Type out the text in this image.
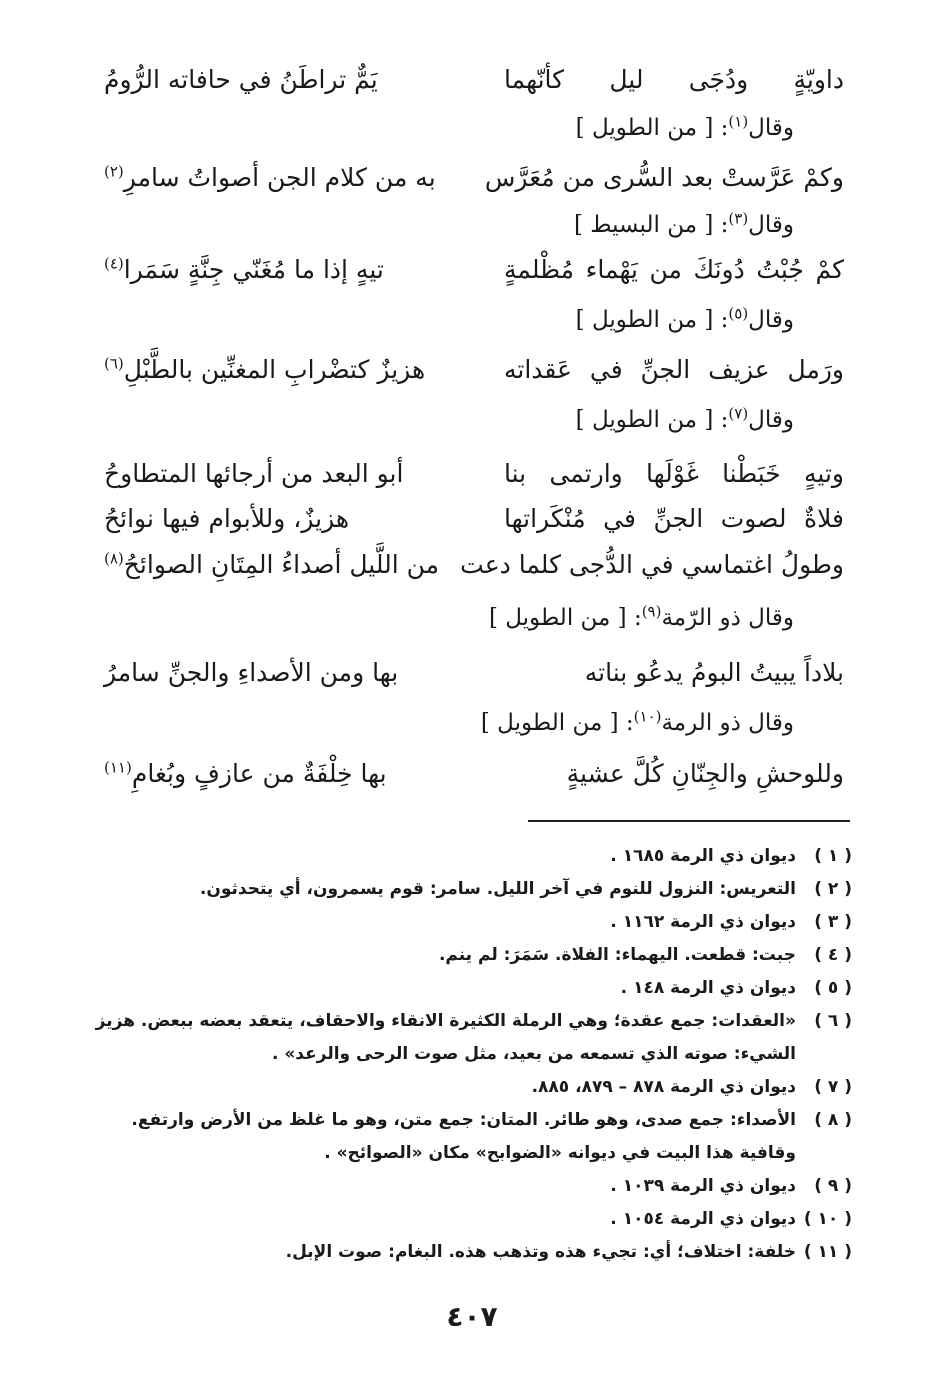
داويّةٍ ودُجَى ليل كأنّهما
يَمٌّ تراطَنُ في حافاته الرُّومُ
وقال$^{(١)}$: [ من الطويل ]
وكمْ عَرَّستْ بعد السُّرى من مُعَرَّس
به من كلام الجن أصواتُ سامرِ$^{(٢)}$
وقال$^{(٣)}$: [ من البسيط ]
كمْ جُبْتُ دُونَكَ من يَهْماء مُظْلمةٍ
تيهٍ إذا ما مُغَنّي جِنَّةٍ سَمَرا$^{(٤)}$
وقال$^{(٥)}$: [ من الطويل ]
ورَمل عزيف الجنِّ في عَقداته
هزيزٌ كتضْرابِ المغنِّين بالطَّبْلِ$^{(٦)}$
وقال$^{(٧)}$: [ من الطويل ]
وتيهٍ خَبَطْنا غَوْلَها وارتمى بنا
أبو البعد من أرجائها المتطاوحُ
فلاةٌ لصوت الجنِّ في مُنْكَراتها
هزيزٌ، وللأبوام فيها نوائحُ
وطولُ اغتماسي في الدُّجى كلما دعت
من اللَّيل أصداءُ المِتَانِ الصوائحُ$^{(٨)}$
وقال ذو الرّمة$^{(٩)}$: [ من الطويل ]
بلاداً يبيتُ البومُ يدعُو بناته
بها ومن الأصداءِ والجنِّ سامرُ
وقال ذو الرمة$^{(١٠)}$: [ من الطويل ]
وللوحشِ والجِنّانِ كُلَّ عشيةٍ
بها خِلْفَةٌ من عازفٍ وبُغامِ$^{(١١)}$
( ١ )
ديوان ذي الرمة ١٦٨٥ .
( ٢ )
التعريس: النزول للنوم في آخر الليل. سامر: قوم يسمرون، أي يتحدثون.
( ٣ )
ديوان ذي الرمة ١١٦٢ .
( ٤ )
جبت: قطعت. اليهماء: الفلاة. سَمَرَ: لم ينم.
( ٥ )
ديوان ذي الرمة ١٤٨ .
( ٦ )
«العقدات: جمع عقدة؛ وهي الرملة الكثيرة الانقاء والاحقاف، يتعقد بعضه ببعض. هزيز الشيء: صوته الذي تسمعه من بعيد، مثل صوت الرحى والرعد» .
( ٧ )
ديوان ذي الرمة ٨٧٨ – ٨٧٩، ٨٨٥.
( ٨ )
الأصداء: جمع صدى، وهو طائر. المتان: جمع متن، وهو ما غلظ من الأرض وارتفع. وقافية هذا البيت في ديوانه «الضوابح» مكان «الصوائح» .
( ٩ )
ديوان ذي الرمة ١٠٣٩ .
( ١٠ )
ديوان ذي الرمة ١٠٥٤ .
( ١١ )
خلفة: اختلاف؛ أي: تجيء هذه وتذهب هذه. البغام: صوت الإبل.
٤٠٧
